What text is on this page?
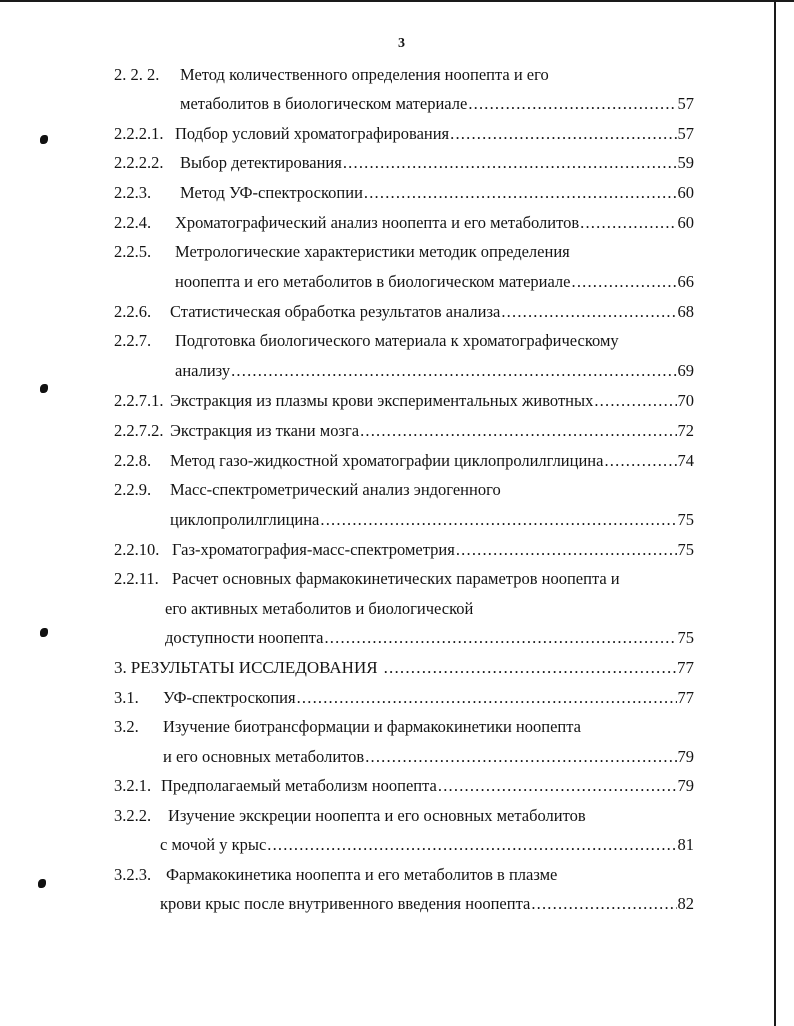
3
2. 2. 2. Метод количественного определения ноопепта и его
метаболитов в биологическом материале .....	57
2.2.2.1. Подбор условий хроматографирования .....	57
2.2.2.2. Выбор детектирования .....	59
2.2.3. Метод УФ-спектроскопии .....	60
2.2.4. Хроматографический анализ ноопепта и его метаболитов .....	60
2.2.5. Метрологические характеристики методик определения
ноопепта и его метаболитов в биологическом материале .....	66
2.2.6. Статистическая обработка результатов анализа .....	68
2.2.7. Подготовка биологического материала к хроматографическому
анализу .....	69
2.2.7.1. Экстракция из плазмы крови экспериментальных животных .....	70
2.2.7.2. Экстракция из ткани мозга .....	72
2.2.8. Метод газо-жидкостной хроматографии циклопролилглицина .....	74
2.2.9. Масс-спектрометрический анализ эндогенного
циклопролилглицина .....	75
2.2.10. Газ-хроматография-масс-спектрометрия .....	75
2.2.11. Расчет основных фармакокинетических параметров ноопепта и
его активных метаболитов и биологической
доступности ноопепта .....	75
3. РЕЗУЛЬТАТЫ ИССЛЕДОВАНИЯ .....	77
3.1. УФ-спектроскопия .....	77
3.2. Изучение биотрансформации и фармакокинетики ноопепта
и его основных метаболитов .....	79
3.2.1. Предполагаемый метаболизм ноопепта .....	79
3.2.2. Изучение экскреции ноопепта и его основных метаболитов
с мочой у крыс .....	81
3.2.3. Фармакокинетика ноопепта и его метаболитов в плазме
крови крыс после внутривенного введения ноопепта .....	82
